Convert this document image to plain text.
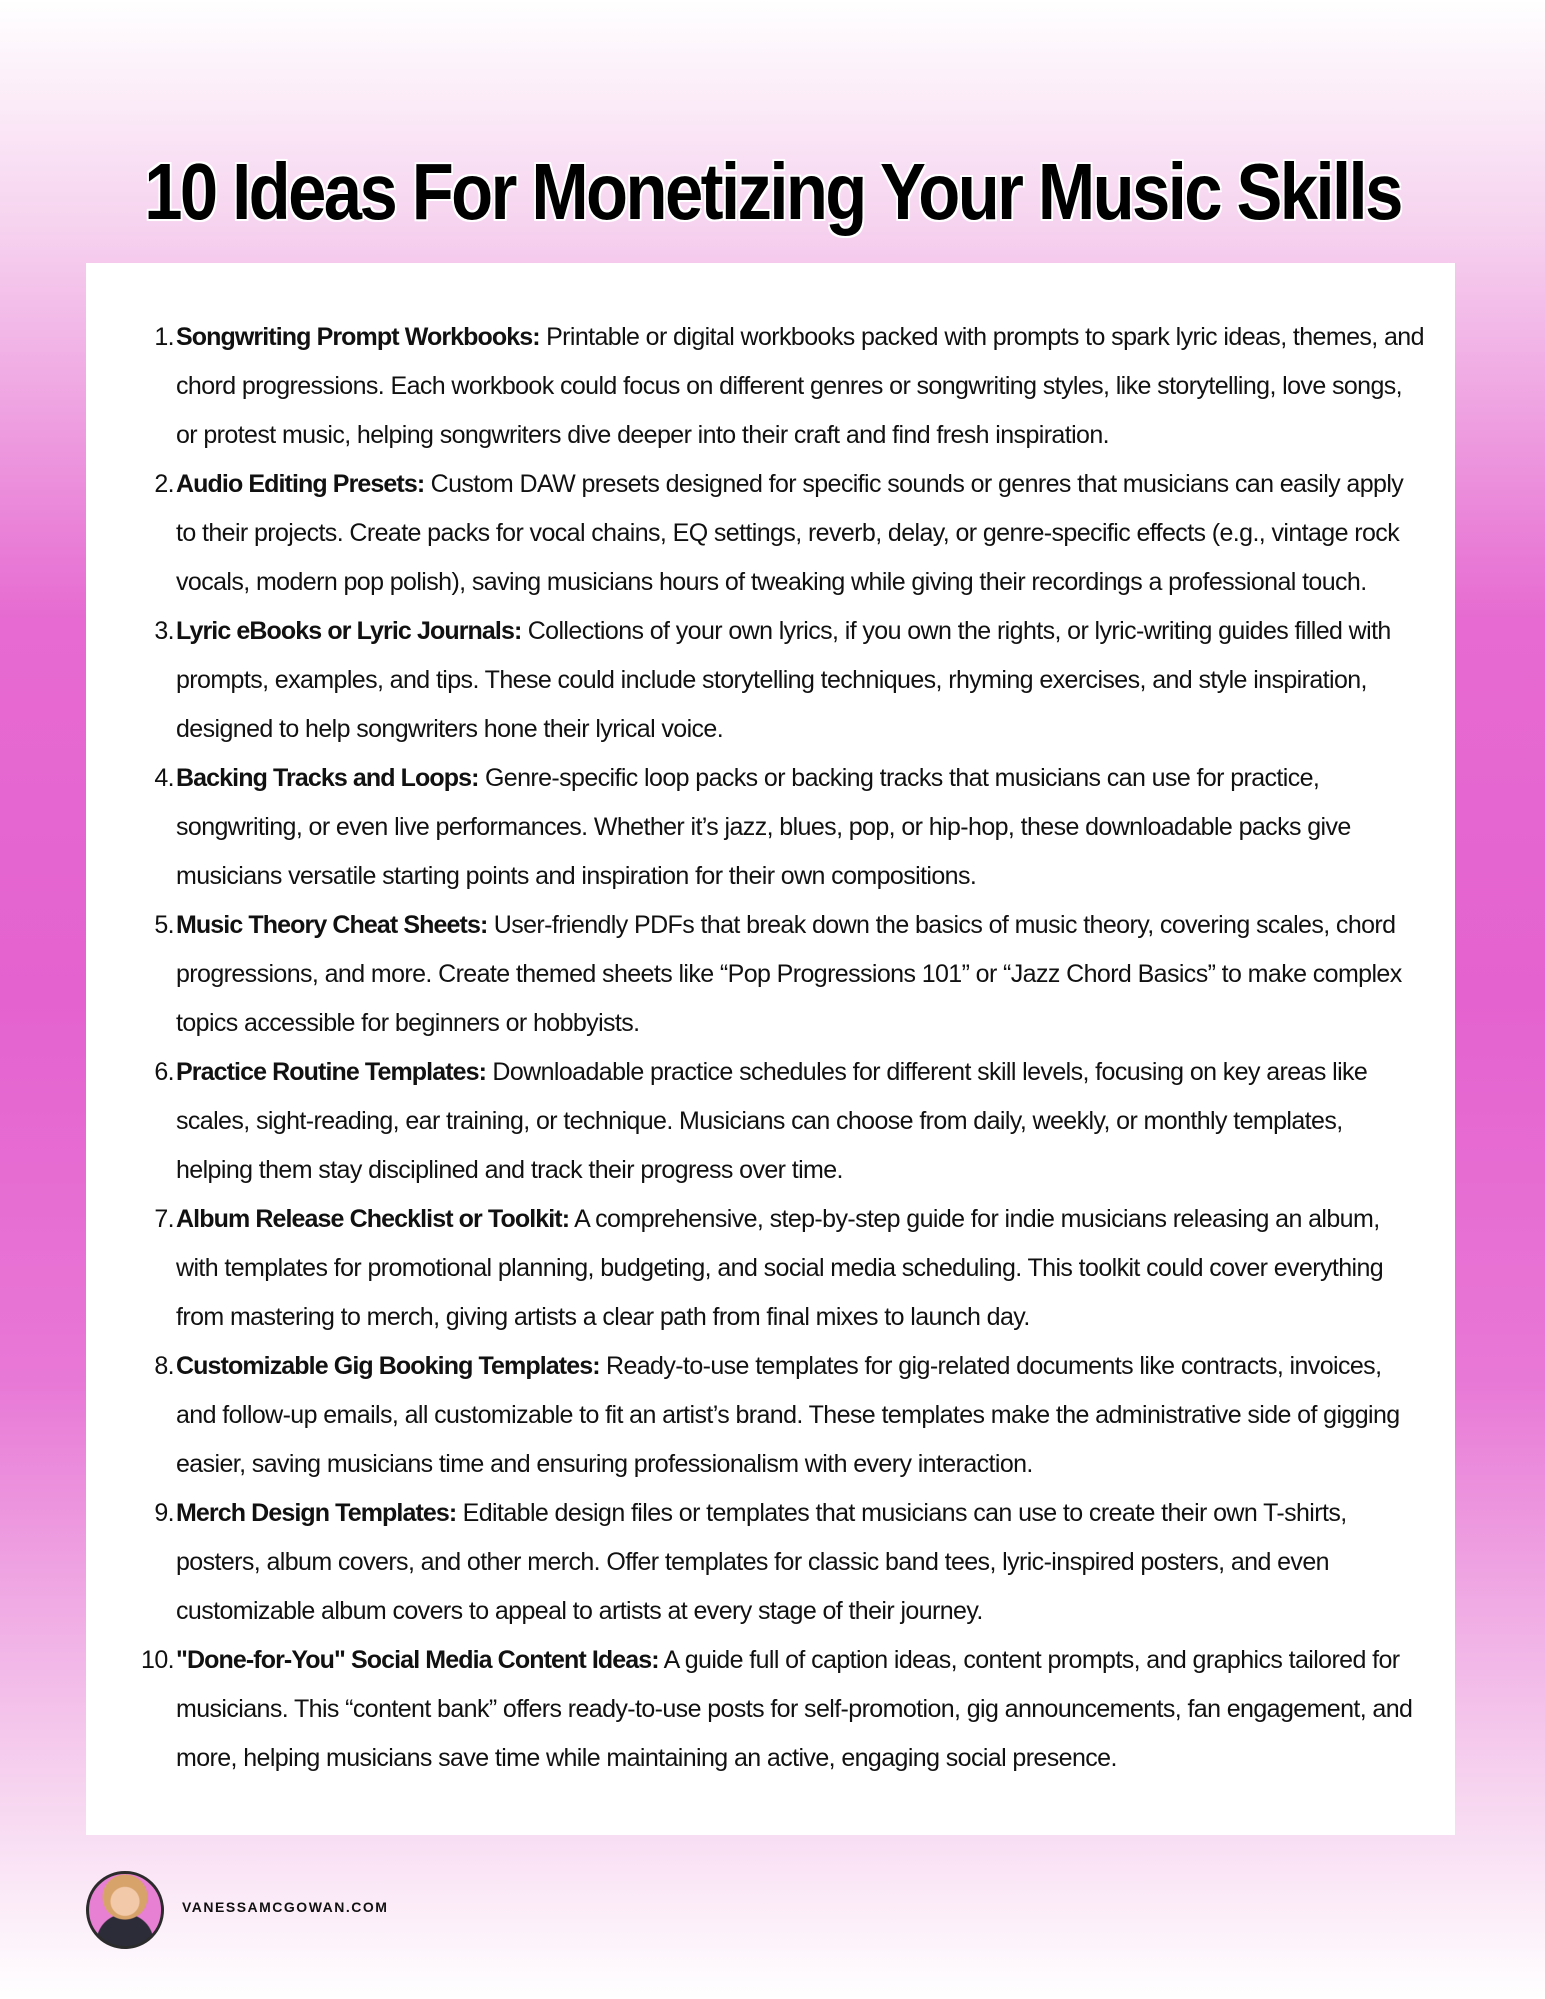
10 Ideas For Monetizing Your Music Skills
1. Songwriting Prompt Workbooks: Printable or digital workbooks packed with prompts to spark lyric ideas, themes, and chord progressions. Each workbook could focus on different genres or songwriting styles, like storytelling, love songs, or protest music, helping songwriters dive deeper into their craft and find fresh inspiration.
2. Audio Editing Presets: Custom DAW presets designed for specific sounds or genres that musicians can easily apply to their projects. Create packs for vocal chains, EQ settings, reverb, delay, or genre-specific effects (e.g., vintage rock vocals, modern pop polish), saving musicians hours of tweaking while giving their recordings a professional touch.
3. Lyric eBooks or Lyric Journals: Collections of your own lyrics, if you own the rights, or lyric-writing guides filled with prompts, examples, and tips. These could include storytelling techniques, rhyming exercises, and style inspiration, designed to help songwriters hone their lyrical voice.
4. Backing Tracks and Loops: Genre-specific loop packs or backing tracks that musicians can use for practice, songwriting, or even live performances. Whether it’s jazz, blues, pop, or hip-hop, these downloadable packs give musicians versatile starting points and inspiration for their own compositions.
5. Music Theory Cheat Sheets: User-friendly PDFs that break down the basics of music theory, covering scales, chord progressions, and more. Create themed sheets like “Pop Progressions 101” or “Jazz Chord Basics” to make complex topics accessible for beginners or hobbyists.
6. Practice Routine Templates: Downloadable practice schedules for different skill levels, focusing on key areas like scales, sight-reading, ear training, or technique. Musicians can choose from daily, weekly, or monthly templates, helping them stay disciplined and track their progress over time.
7. Album Release Checklist or Toolkit: A comprehensive, step-by-step guide for indie musicians releasing an album, with templates for promotional planning, budgeting, and social media scheduling. This toolkit could cover everything from mastering to merch, giving artists a clear path from final mixes to launch day.
8. Customizable Gig Booking Templates: Ready-to-use templates for gig-related documents like contracts, invoices, and follow-up emails, all customizable to fit an artist’s brand. These templates make the administrative side of gigging easier, saving musicians time and ensuring professionalism with every interaction.
9. Merch Design Templates: Editable design files or templates that musicians can use to create their own T-shirts, posters, album covers, and other merch. Offer templates for classic band tees, lyric-inspired posters, and even customizable album covers to appeal to artists at every stage of their journey.
10. "Done-for-You" Social Media Content Ideas: A guide full of caption ideas, content prompts, and graphics tailored for musicians. This “content bank” offers ready-to-use posts for self-promotion, gig announcements, fan engagement, and more, helping musicians save time while maintaining an active, engaging social presence.
VANESSAMCGOWAN.COM
